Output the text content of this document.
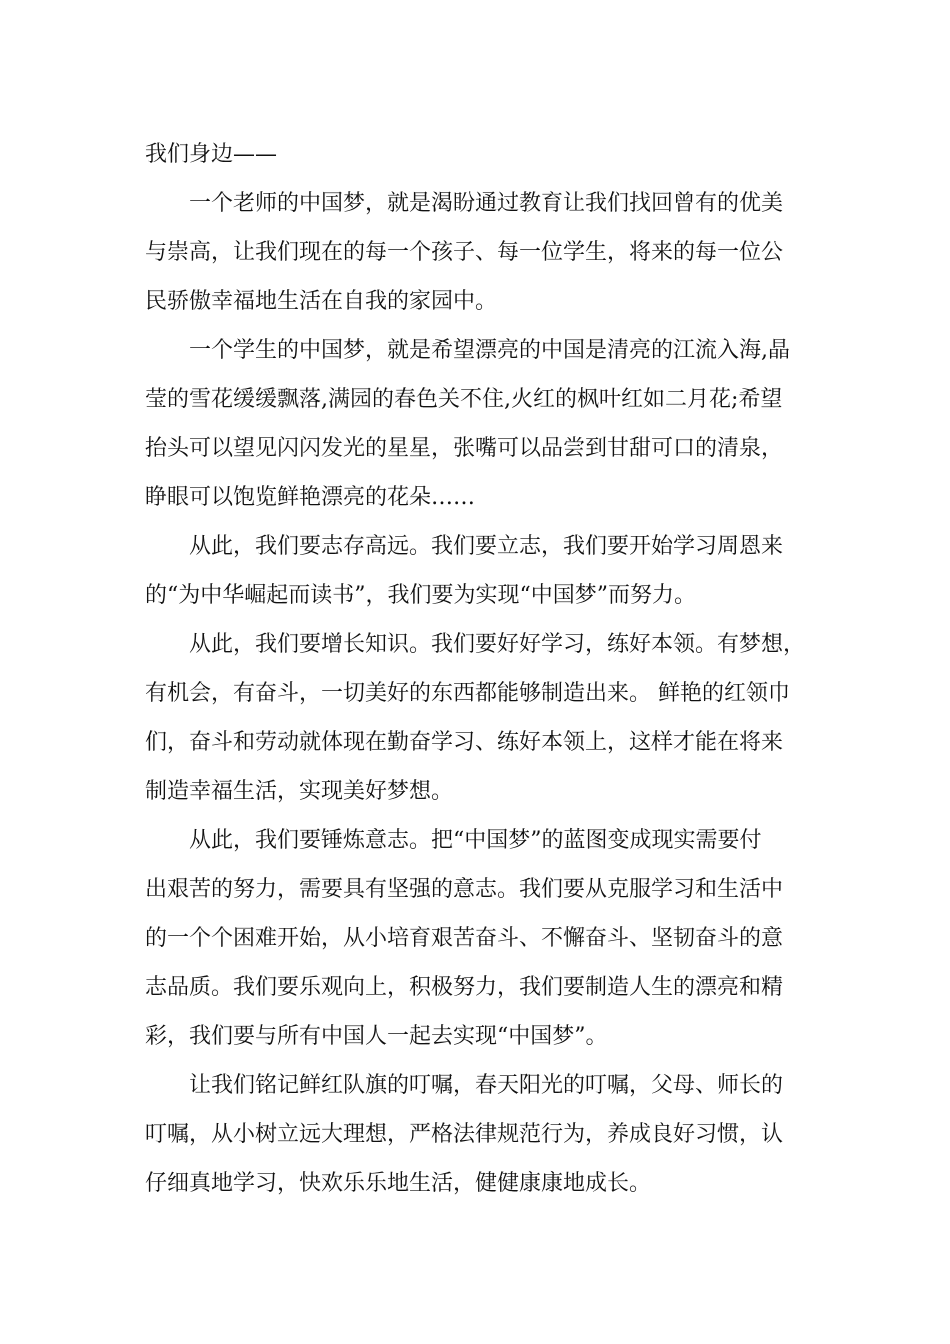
我们身边——

一个老师的中国梦，就是渴盼通过教育让我们找回曾有的优美
与崇高，让我们现在的每一个孩子、每一位学生，将来的每一位公
民骄傲幸福地生活在自我的家园中。

一个学生的中国梦，就是希望漂亮的中国是清亮的江流入海,晶
莹的雪花缓缓飘落,满园的春色关不住,火红的枫叶红如二月花;希望
抬头可以望见闪闪发光的星星，张嘴可以品尝到甘甜可口的清泉，
睁眼可以饱览鲜艳漂亮的花朵……

从此，我们要志存高远。我们要立志，我们要开始学习周恩来
的“为中华崛起而读书”，我们要为实现“中国梦”而努力。

从此，我们要增长知识。我们要好好学习，练好本领。有梦想，
有机会，有奋斗，一切美好的东西都能够制造出来。 鲜艳的红领巾
们，奋斗和劳动就体现在勤奋学习、练好本领上，这样才能在将来
制造幸福生活，实现美好梦想。

从此，我们要锤炼意志。把“中国梦”的蓝图变成现实需要付
出艰苦的努力，需要具有坚强的意志。我们要从克服学习和生活中
的一个个困难开始，从小培育艰苦奋斗、不懈奋斗、坚韧奋斗的意
志品质。我们要乐观向上，积极努力，我们要制造人生的漂亮和精
彩，我们要与所有中国人一起去实现“中国梦”。

让我们铭记鲜红队旗的叮嘱，春天阳光的叮嘱，父母、师长的
叮嘱，从小树立远大理想，严格法律规范行为，养成良好习惯，认
仔细真地学习，快欢乐乐地生活，健健康康地成长。
